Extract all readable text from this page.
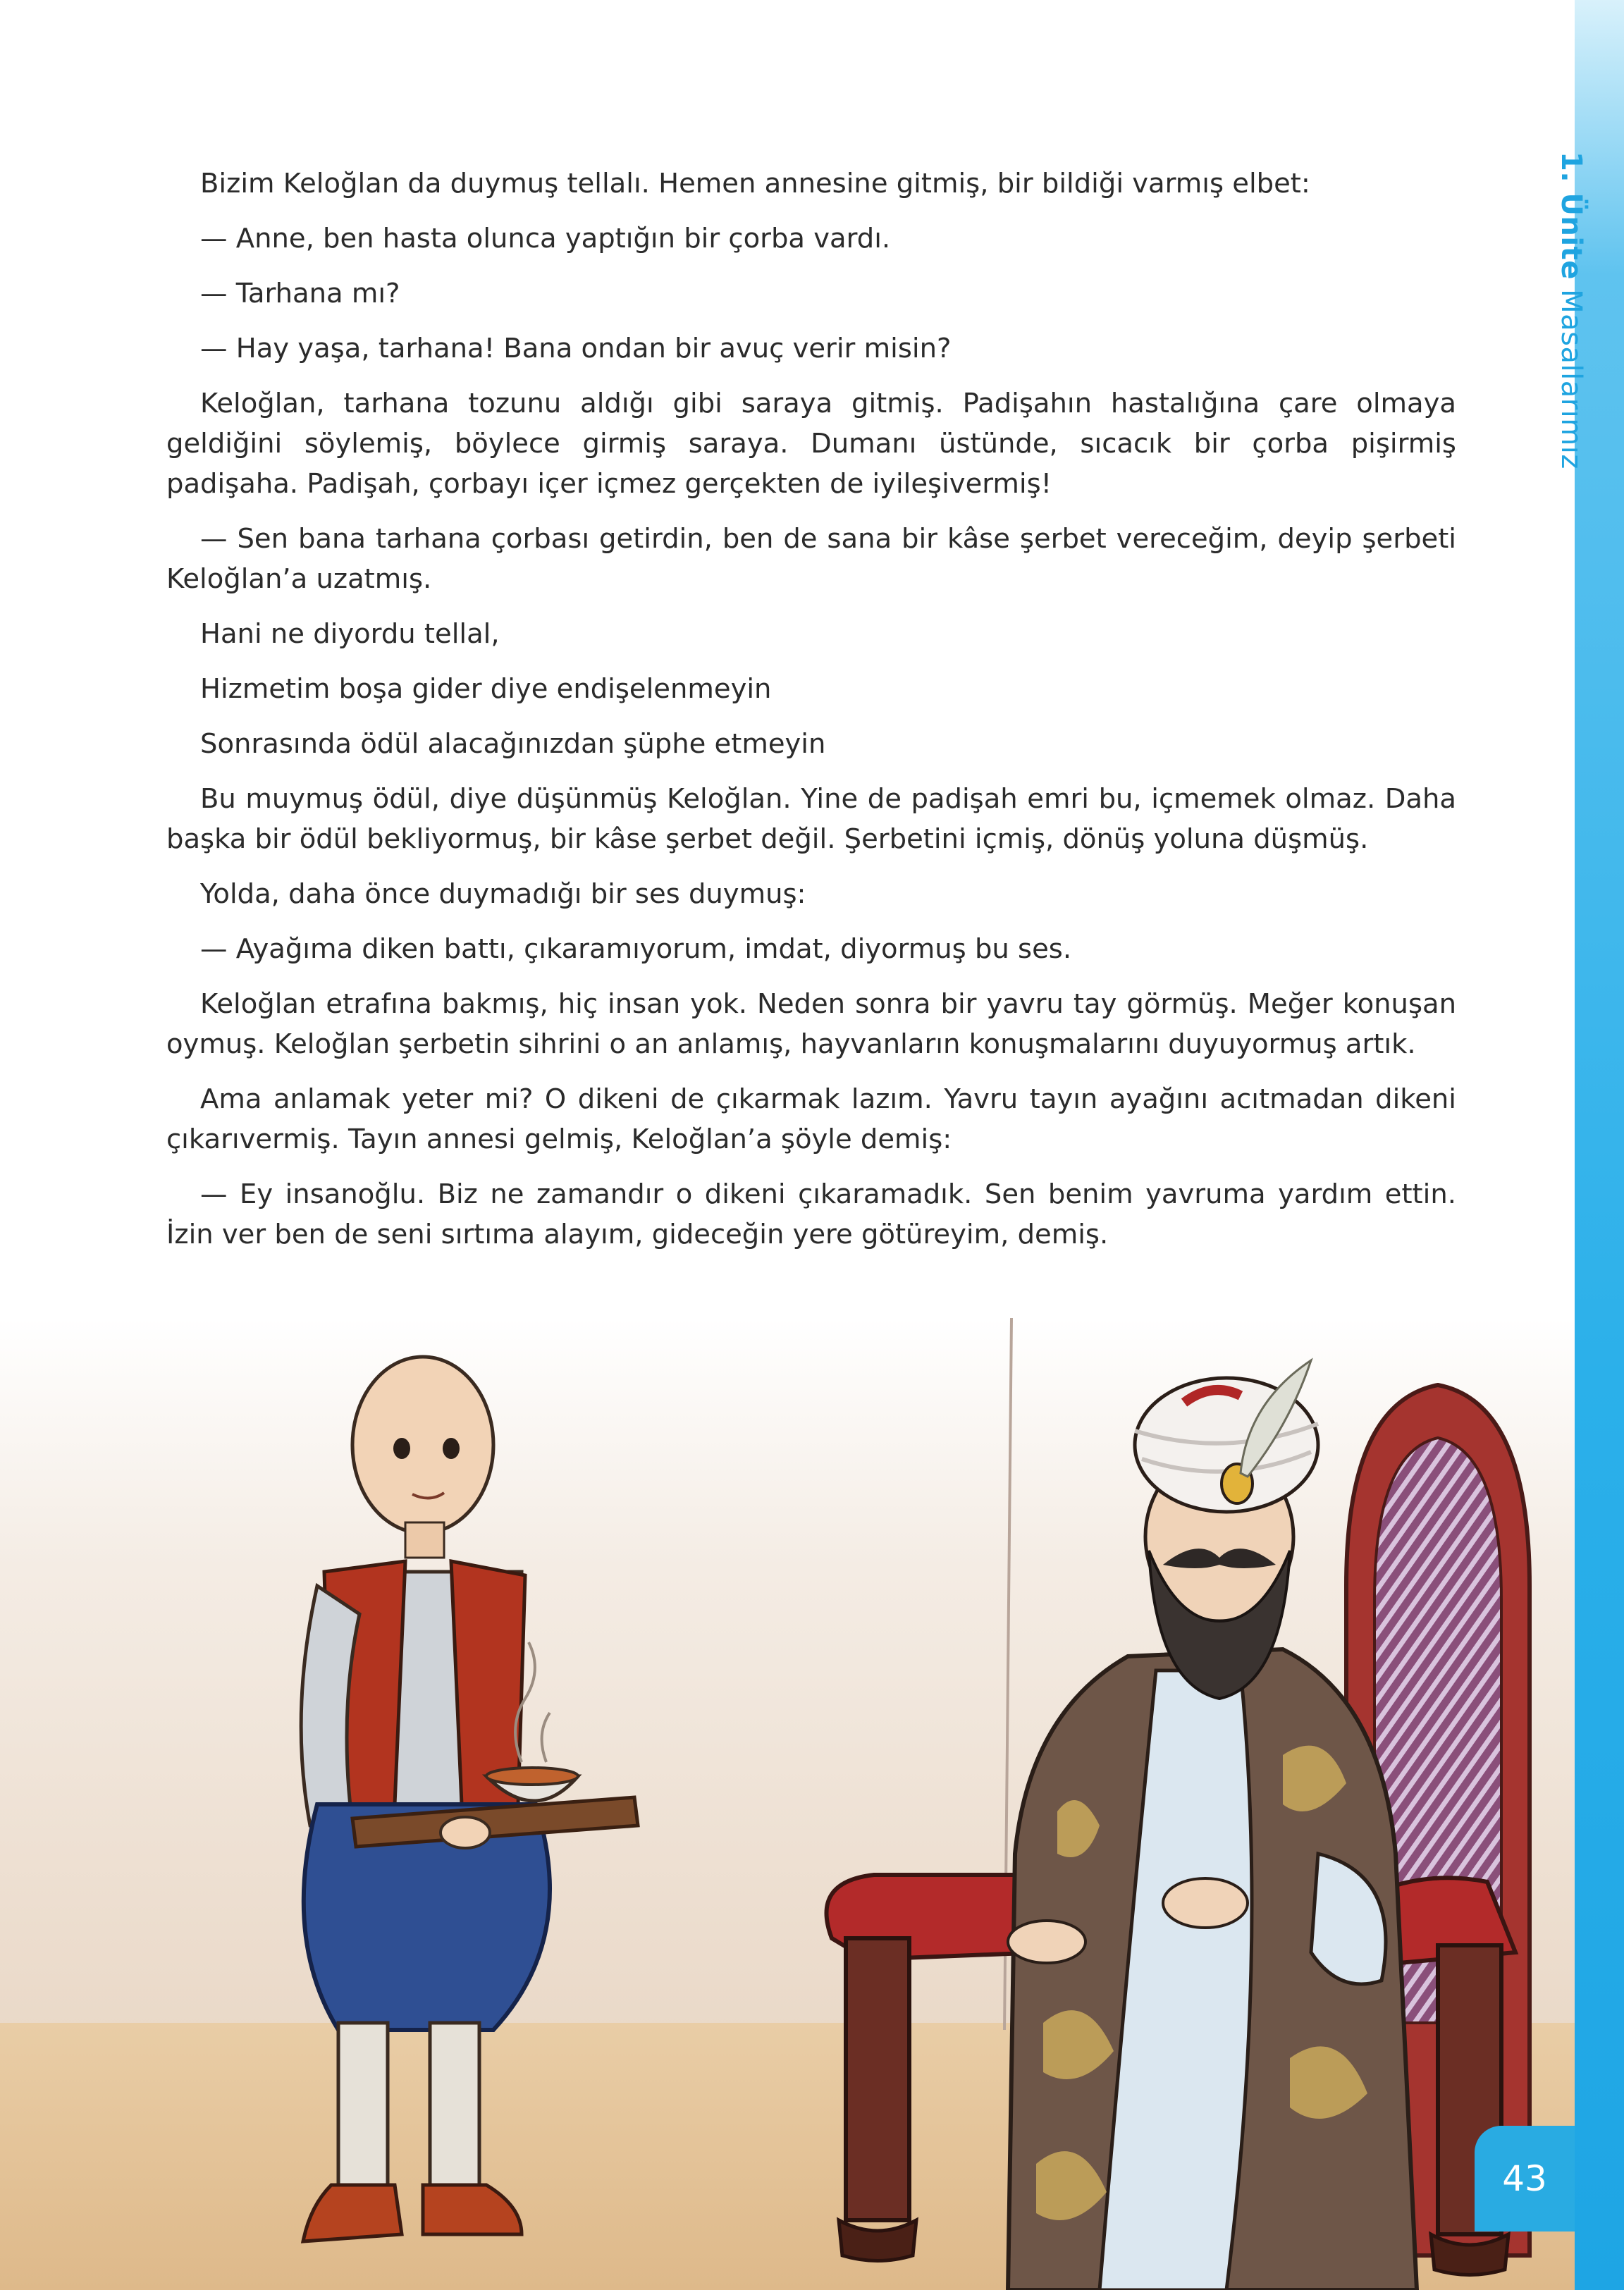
1. Ünite Masallarımız

Bizim Keloğlan da duymuş tellalı. Hemen annesine gitmiş, bir bildiği varmış elbet:

— Anne, ben hasta olunca yaptığın bir çorba vardı.

— Tarhana mı?

— Hay yaşa, tarhana! Bana ondan bir avuç verir misin?

Keloğlan, tarhana tozunu aldığı gibi saraya gitmiş. Padişahın hastalığına çare olmaya geldiğini söylemiş, böylece girmiş saraya. Dumanı üstünde, sıcacık bir çorba pişirmiş padişaha. Padişah, çorbayı içer içmez gerçekten de iyileşivermiş!

— Sen bana tarhana çorbası getirdin, ben de sana bir kâse şerbet vereceğim, deyip şerbeti Keloğlan’a uzatmış.

Hani ne diyordu tellal,

Hizmetim boşa gider diye endişelenmeyin

Sonrasında ödül alacağınızdan şüphe etmeyin

Bu muymuş ödül, diye düşünmüş Keloğlan. Yine de padişah emri bu, içmemek olmaz. Daha başka bir ödül bekliyormuş, bir kâse şerbet değil. Şerbetini içmiş, dönüş yoluna düşmüş.

Yolda, daha önce duymadığı bir ses duymuş:

— Ayağıma diken battı, çıkaramıyorum, imdat, diyormuş bu ses.

Keloğlan etrafına bakmış, hiç insan yok. Neden sonra bir yavru tay görmüş. Meğer konuşan oymuş. Keloğlan şerbetin sihrini o an anlamış, hayvanların konuşmalarını duyuyormuş artık.

Ama anlamak yeter mi? O dikeni de çıkarmak lazım. Yavru tayın ayağını acıtmadan dikeni çıkarıvermiş. Tayın annesi gelmiş, Keloğlan’a şöyle demiş:

— Ey insanoğlu. Biz ne zamandır o dikeni çıkaramadık. Sen benim yavruma yardım ettin. İzin ver ben de seni sırtıma alayım, gideceğin yere götüreyim, demiş.

43
